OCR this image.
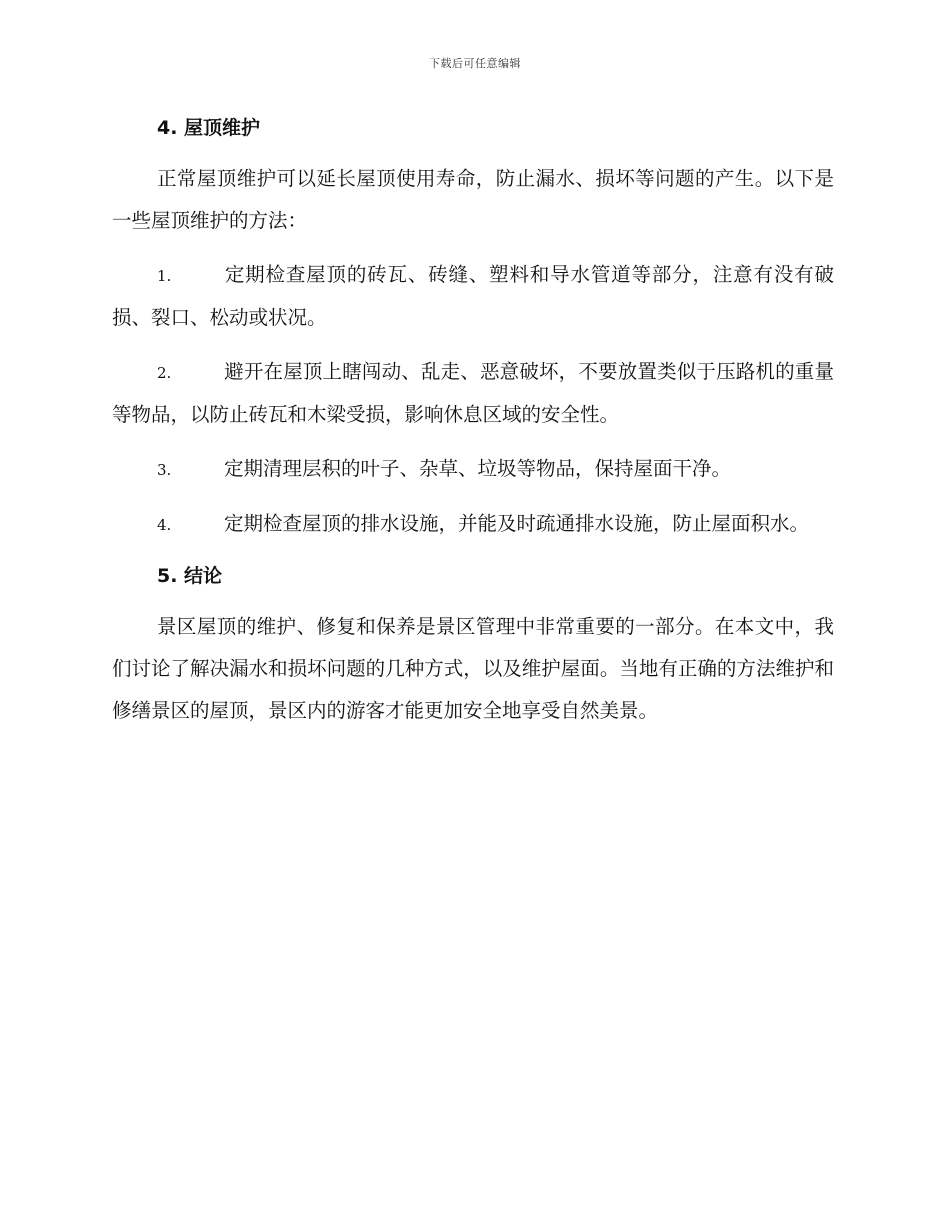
下载后可任意编辑
4. 屋顶维护

正常屋顶维护可以延长屋顶使用寿命，防止漏水、损坏等问题的产生。以下是一些屋顶维护的方法：

1.	定期检查屋顶的砖瓦、砖缝、塑料和导水管道等部分，注意有没有破损、裂口、松动或状况。

2.	避开在屋顶上瞎闯动、乱走、恶意破坏，不要放置类似于压路机的重量等物品，以防止砖瓦和木梁受损，影响休息区域的安全性。

3.	定期清理层积的叶子、杂草、垃圾等物品，保持屋面干净。

4.	定期检查屋顶的排水设施，并能及时疏通排水设施，防止屋面积水。

5. 结论

景区屋顶的维护、修复和保养是景区管理中非常重要的一部分。在本文中，我们讨论了解决漏水和损坏问题的几种方式，以及维护屋面。当地有正确的方法维护和修缮景区的屋顶，景区内的游客才能更加安全地享受自然美景。
